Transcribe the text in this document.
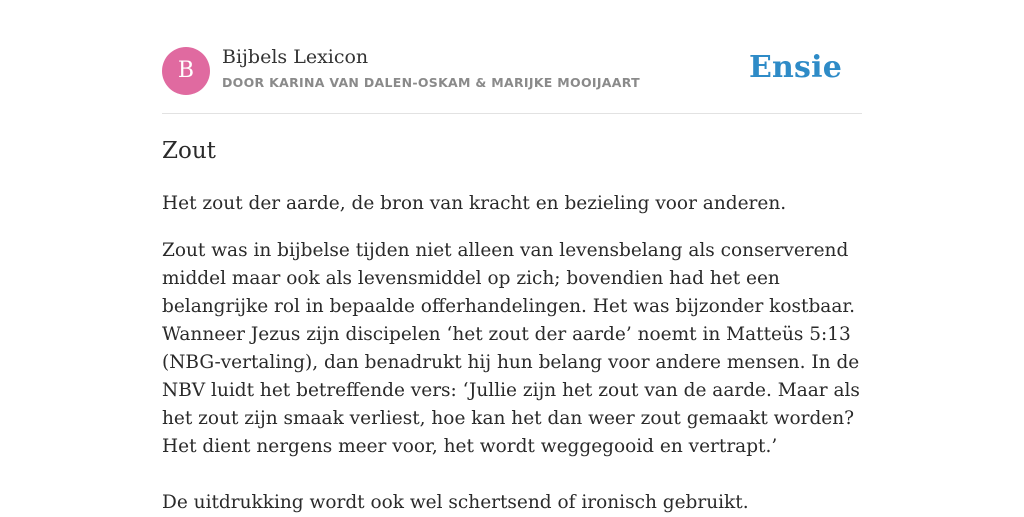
B
Bijbels Lexicon
DOOR KARINA VAN DALEN-OSKAM & MARIJKE MOOIJAART	Ensie
Zout
Het zout der aarde, de bron van kracht en bezieling voor anderen.

Zout was in bijbelse tijden niet alleen van levensbelang als conserverend middel maar ook als levensmiddel op zich; bovendien had het een belangrijke rol in bepaalde offerhandelingen. Het was bijzonder kostbaar. Wanneer Jezus zijn discipelen ‘het zout der aarde’ noemt in Matteüs 5:13 (NBG-vertaling), dan benadrukt hij hun belang voor andere mensen. In de NBV luidt het betreffende vers: ‘Jullie zijn het zout van de aarde. Maar als het zout zijn smaak verliest, hoe kan het dan weer zout gemaakt worden? Het dient nergens meer voor, het wordt weggegooid en vertrapt.’

De uitdrukking wordt ook wel schertsend of ironisch gebruikt.
